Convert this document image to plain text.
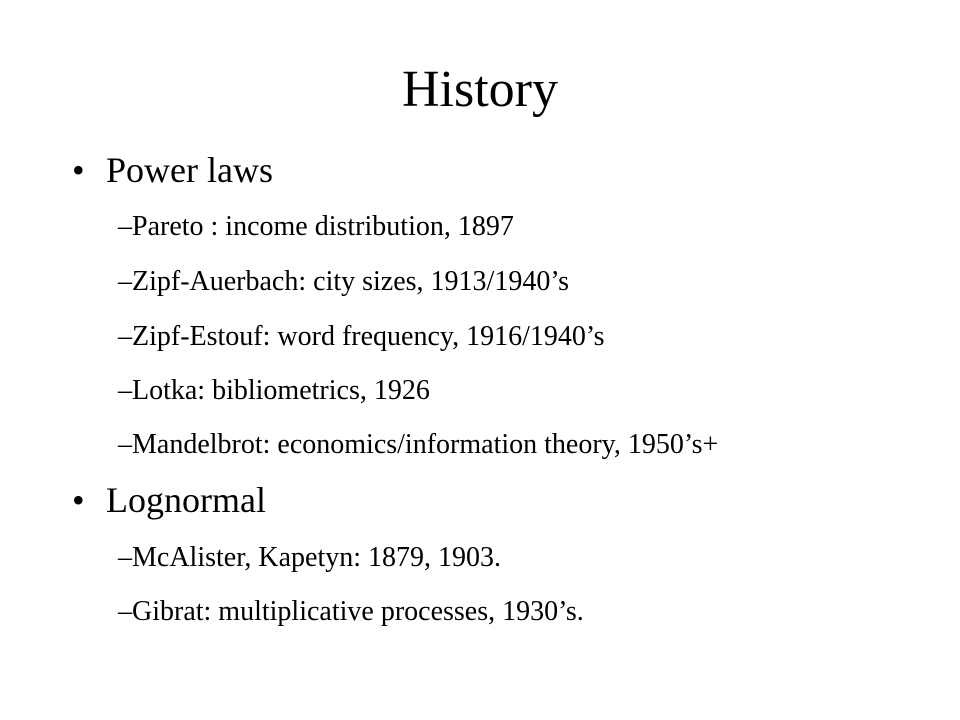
History
• Power laws
–Pareto : income distribution, 1897
–Zipf-Auerbach: city sizes, 1913/1940’s
–Zipf-Estouf: word frequency, 1916/1940’s
–Lotka: bibliometrics, 1926
–Mandelbrot: economics/information theory, 1950’s+
• Lognormal
–McAlister, Kapetyn: 1879, 1903.
–Gibrat: multiplicative processes, 1930’s.
